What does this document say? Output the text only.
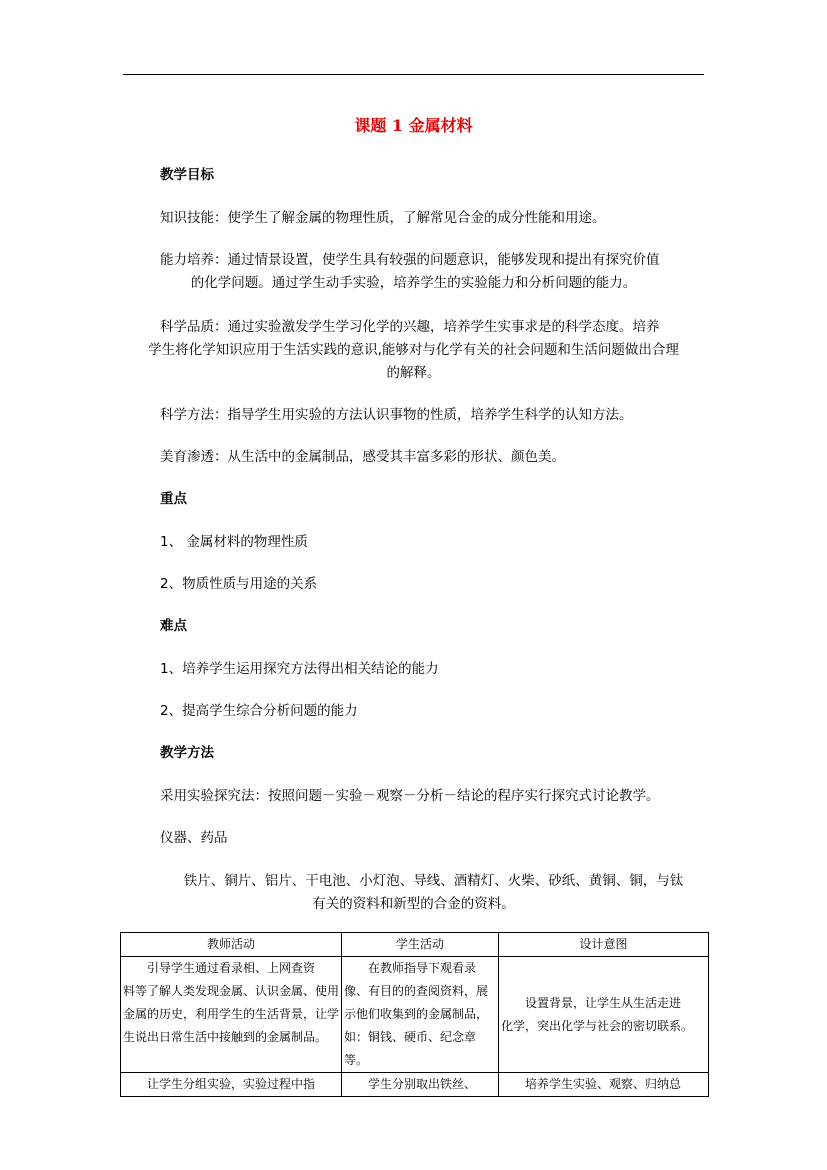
课题 1 金属材料
教学目标
知识技能：使学生了解金属的物理性质，了解常见合金的成分性能和用途。
能力培养：通过情景设置，使学生具有较强的问题意识，能够发现和提出有探究价值
的化学问题。通过学生动手实验，培养学生的实验能力和分析问题的能力。
科学品质：通过实验激发学生学习化学的兴趣，培养学生实事求是的科学态度。培养
学生将化学知识应用于生活实践的意识,能够对与化学有关的社会问题和生活问题做出合理
的解释。
科学方法：指导学生用实验的方法认识事物的性质，培养学生科学的认知方法。
美育渗透：从生活中的金属制品，感受其丰富多彩的形状、颜色美。
重点
1、 金属材料的物理性质
2、物质性质与用途的关系
难点
1、培养学生运用探究方法得出相关结论的能力
2、提高学生综合分析问题的能力
教学方法
采用实验探究法：按照问题－实验－观察－分析－结论的程序实行探究式讨论教学。
仪器、药品
铁片、铜片、铝片、干电池、小灯泡、导线、酒精灯、火柴、砂纸、黄铜、铜，与钛
有关的资料和新型的合金的资料。
教师活动	学生活动	设计意图

引导学生通过看录相、上网查资
料等了解人类发现金属、认识金属、使用
金属的历史，利用学生的生活背景，让学
生说出日常生活中接触到的金属制品。	在教师指导下观看录
像、有目的的查阅资料，展
示他们收集到的金属制品，
如：铜钱、硬币、纪念章等。	设置背景，让学生从生活走进
化学，突出化学与社会的密切联系。

让学生分组实验，实验过程中指	学生分别取出铁丝、	培养学生实验、观察、归纳总
